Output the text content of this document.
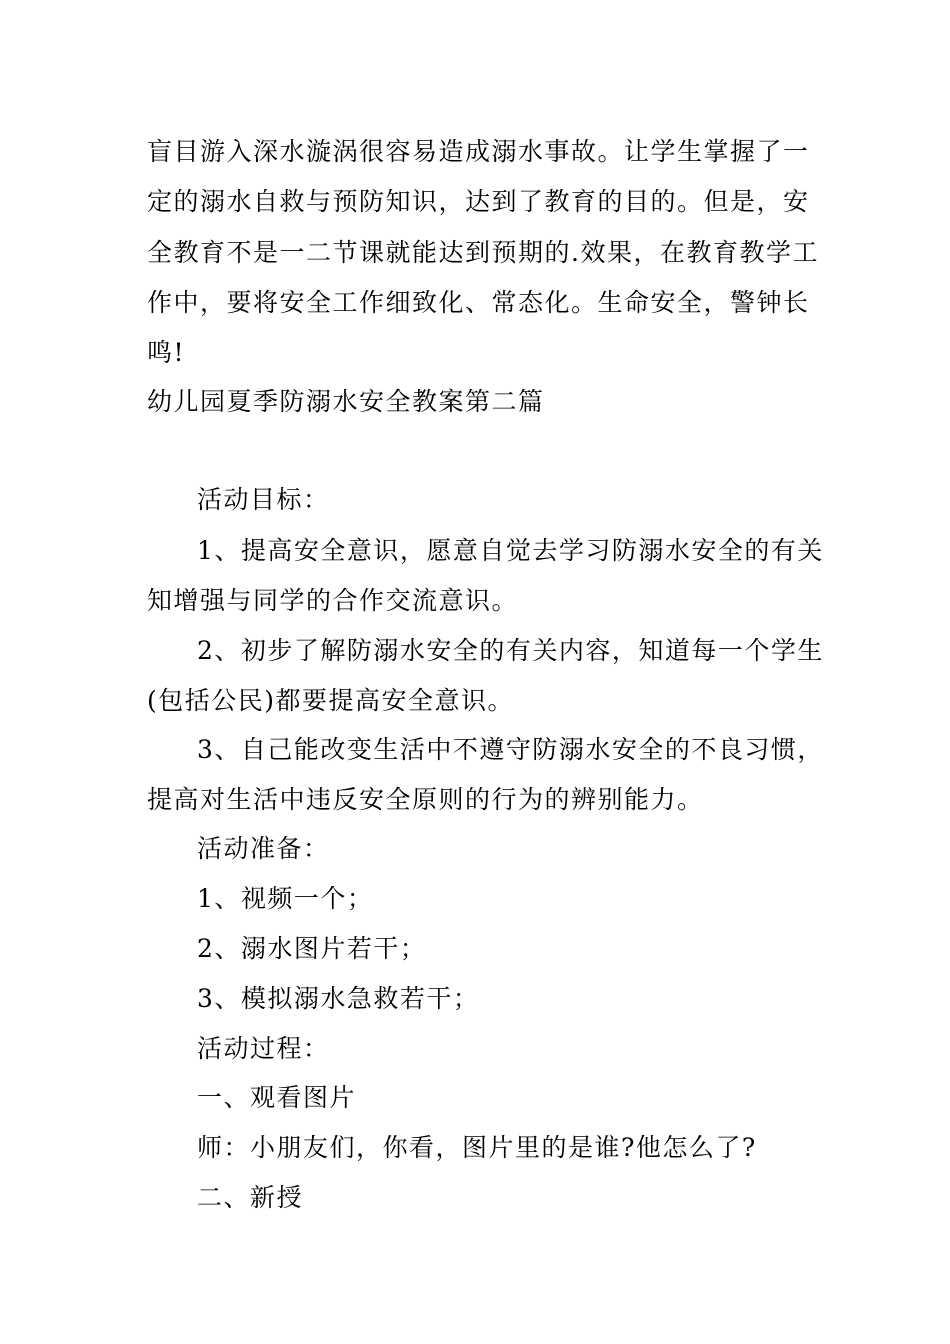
盲目游入深水漩涡很容易造成溺水事故。让学生掌握了一
定的溺水自救与预防知识，达到了教育的目的。但是，安
全教育不是一二节课就能达到预期的.效果，在教育教学工
作中，要将安全工作细致化、常态化。生命安全，警钟长
鸣!
幼儿园夏季防溺水安全教案第二篇
活动目标：
1、提高安全意识，愿意自觉去学习防溺水安全的有关
知增强与同学的合作交流意识。
2、初步了解防溺水安全的有关内容，知道每一个学生
(包括公民)都要提高安全意识。
3、自己能改变生活中不遵守防溺水安全的不良习惯，
提高对生活中违反安全原则的行为的辨别能力。
活动准备：
1、视频一个；
2、溺水图片若干；
3、模拟溺水急救若干；
活动过程：
一、观看图片
师：小朋友们，你看，图片里的是谁?他怎么了?
二、新授
